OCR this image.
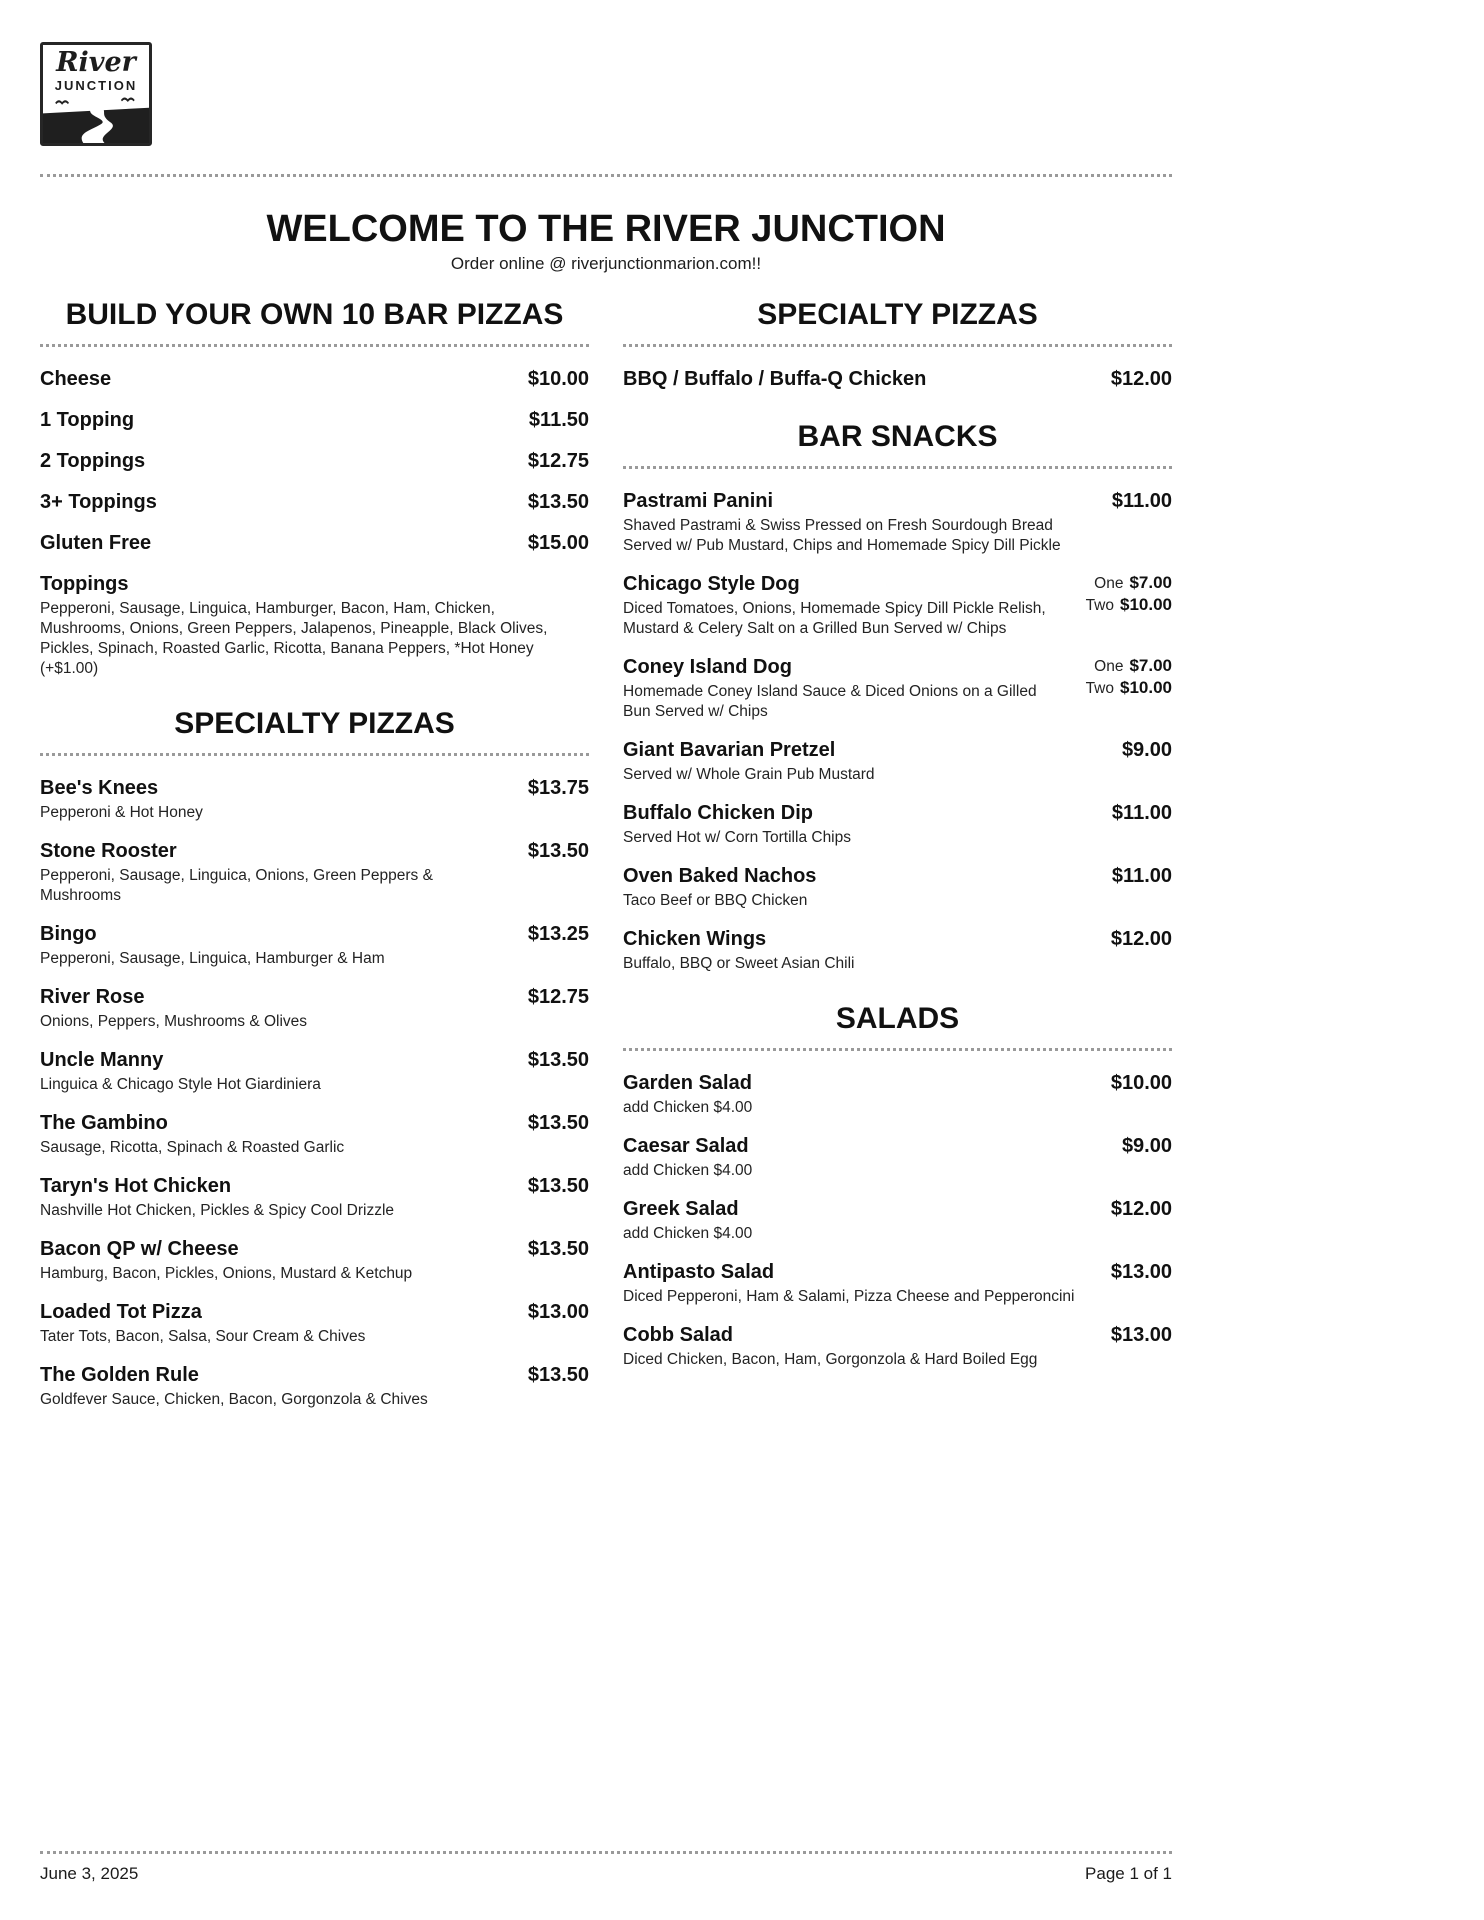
River
JUNCTION
WELCOME TO THE RIVER JUNCTION
Order online @ riverjunctionmarion.com!!
BUILD YOUR OWN 10 BAR PIZZAS
Cheese	$10.00
1 Topping	$11.50
2 Toppings	$12.75
3+ Toppings	$13.50
Gluten Free	$15.00
Toppings
Pepperoni, Sausage, Linguica, Hamburger, Bacon, Ham, Chicken, Mushrooms, Onions, Green Peppers, Jalapenos, Pineapple, Black Olives, Pickles, Spinach, Roasted Garlic, Ricotta, Banana Peppers, *Hot Honey (+$1.00)
SPECIALTY PIZZAS
Bee's Knees	$13.75
Pepperoni & Hot Honey
Stone Rooster	$13.50
Pepperoni, Sausage, Linguica, Onions, Green Peppers & Mushrooms
Bingo	$13.25
Pepperoni, Sausage, Linguica, Hamburger & Ham
River Rose	$12.75
Onions, Peppers, Mushrooms & Olives
Uncle Manny	$13.50
Linguica & Chicago Style Hot Giardiniera
The Gambino	$13.50
Sausage, Ricotta, Spinach & Roasted Garlic
Taryn's Hot Chicken	$13.50
Nashville Hot Chicken, Pickles & Spicy Cool Drizzle
Bacon QP w/ Cheese	$13.50
Hamburg, Bacon, Pickles, Onions, Mustard & Ketchup
Loaded Tot Pizza	$13.00
Tater Tots, Bacon, Salsa, Sour Cream & Chives
The Golden Rule	$13.50
Goldfever Sauce, Chicken, Bacon, Gorgonzola & Chives
SPECIALTY PIZZAS
BBQ / Buffalo / Buffa-Q Chicken	$12.00
BAR SNACKS
Pastrami Panini	$11.00
Shaved Pastrami & Swiss Pressed on Fresh Sourdough Bread Served w/ Pub Mustard, Chips and Homemade Spicy Dill Pickle
Chicago Style Dog	One $7.00
Two $10.00
Diced Tomatoes, Onions, Homemade Spicy Dill Pickle Relish, Mustard & Celery Salt on a Grilled Bun Served w/ Chips
Coney Island Dog	One $7.00
Two $10.00
Homemade Coney Island Sauce & Diced Onions on a Gilled Bun Served w/ Chips
Giant Bavarian Pretzel	$9.00
Served w/ Whole Grain Pub Mustard
Buffalo Chicken Dip	$11.00
Served Hot w/ Corn Tortilla Chips
Oven Baked Nachos	$11.00
Taco Beef or BBQ Chicken
Chicken Wings	$12.00
Buffalo, BBQ or Sweet Asian Chili
SALADS
Garden Salad	$10.00
add Chicken $4.00
Caesar Salad	$9.00
add Chicken $4.00
Greek Salad	$12.00
add Chicken $4.00
Antipasto Salad	$13.00
Diced Pepperoni, Ham & Salami, Pizza Cheese and Pepperoncini
Cobb Salad	$13.00
Diced Chicken, Bacon, Ham, Gorgonzola & Hard Boiled Egg
June 3, 2025	Page 1 of 1
